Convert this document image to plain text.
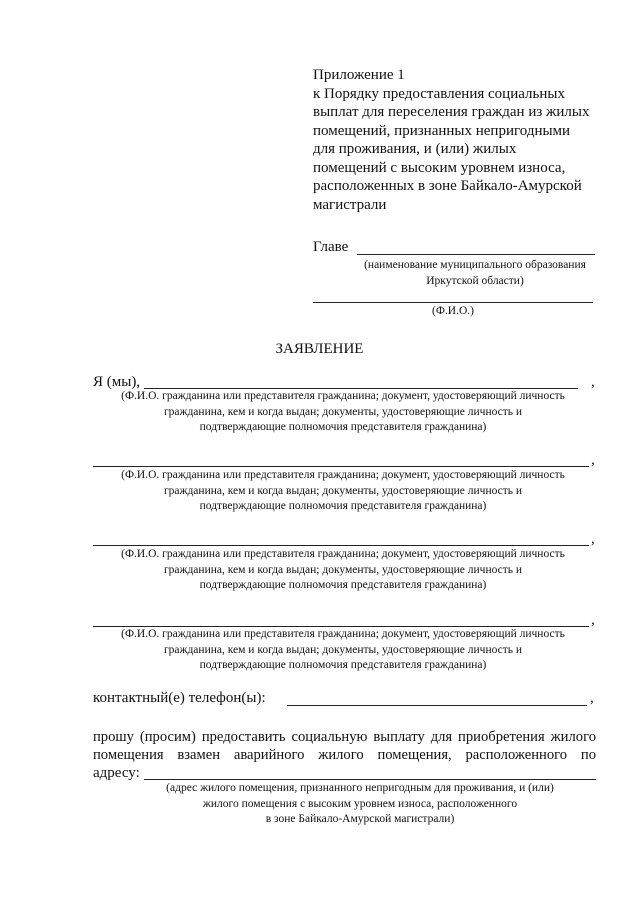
Приложение 1
к Порядку предоставления социальных
выплат для переселения граждан из жилых
помещений, признанных непригодными
для проживания, и (или) жилых
помещений с высоким уровнем износа,
расположенных в зоне Байкало-Амурской
магистрали
Главе
(наименование муниципального образования
Иркутской области)
(Ф.И.О.)
ЗАЯВЛЕНИЕ
Я (мы),	,
(Ф.И.О. гражданина или представителя гражданина; документ, удостоверяющий личность
гражданина, кем и когда выдан; документы, удостоверяющие личность и
подтверждающие полномочия представителя гражданина)
,
(Ф.И.О. гражданина или представителя гражданина; документ, удостоверяющий личность
гражданина, кем и когда выдан; документы, удостоверяющие личность и
подтверждающие полномочия представителя гражданина)
,
(Ф.И.О. гражданина или представителя гражданина; документ, удостоверяющий личность
гражданина, кем и когда выдан; документы, удостоверяющие личность и
подтверждающие полномочия представителя гражданина)
,
(Ф.И.О. гражданина или представителя гражданина; документ, удостоверяющий личность
гражданина, кем и когда выдан; документы, удостоверяющие личность и
подтверждающие полномочия представителя гражданина)
контактный(е) телефон(ы):	,
прошу (просим) предоставить социальную выплату для приобретения жилого
помещения взамен аварийного жилого помещения, расположенного по
адресу:
(адрес жилого помещения, признанного непригодным для проживания, и (или)
жилого помещения с высоким уровнем износа, расположенного
в зоне Байкало-Амурской магистрали)
